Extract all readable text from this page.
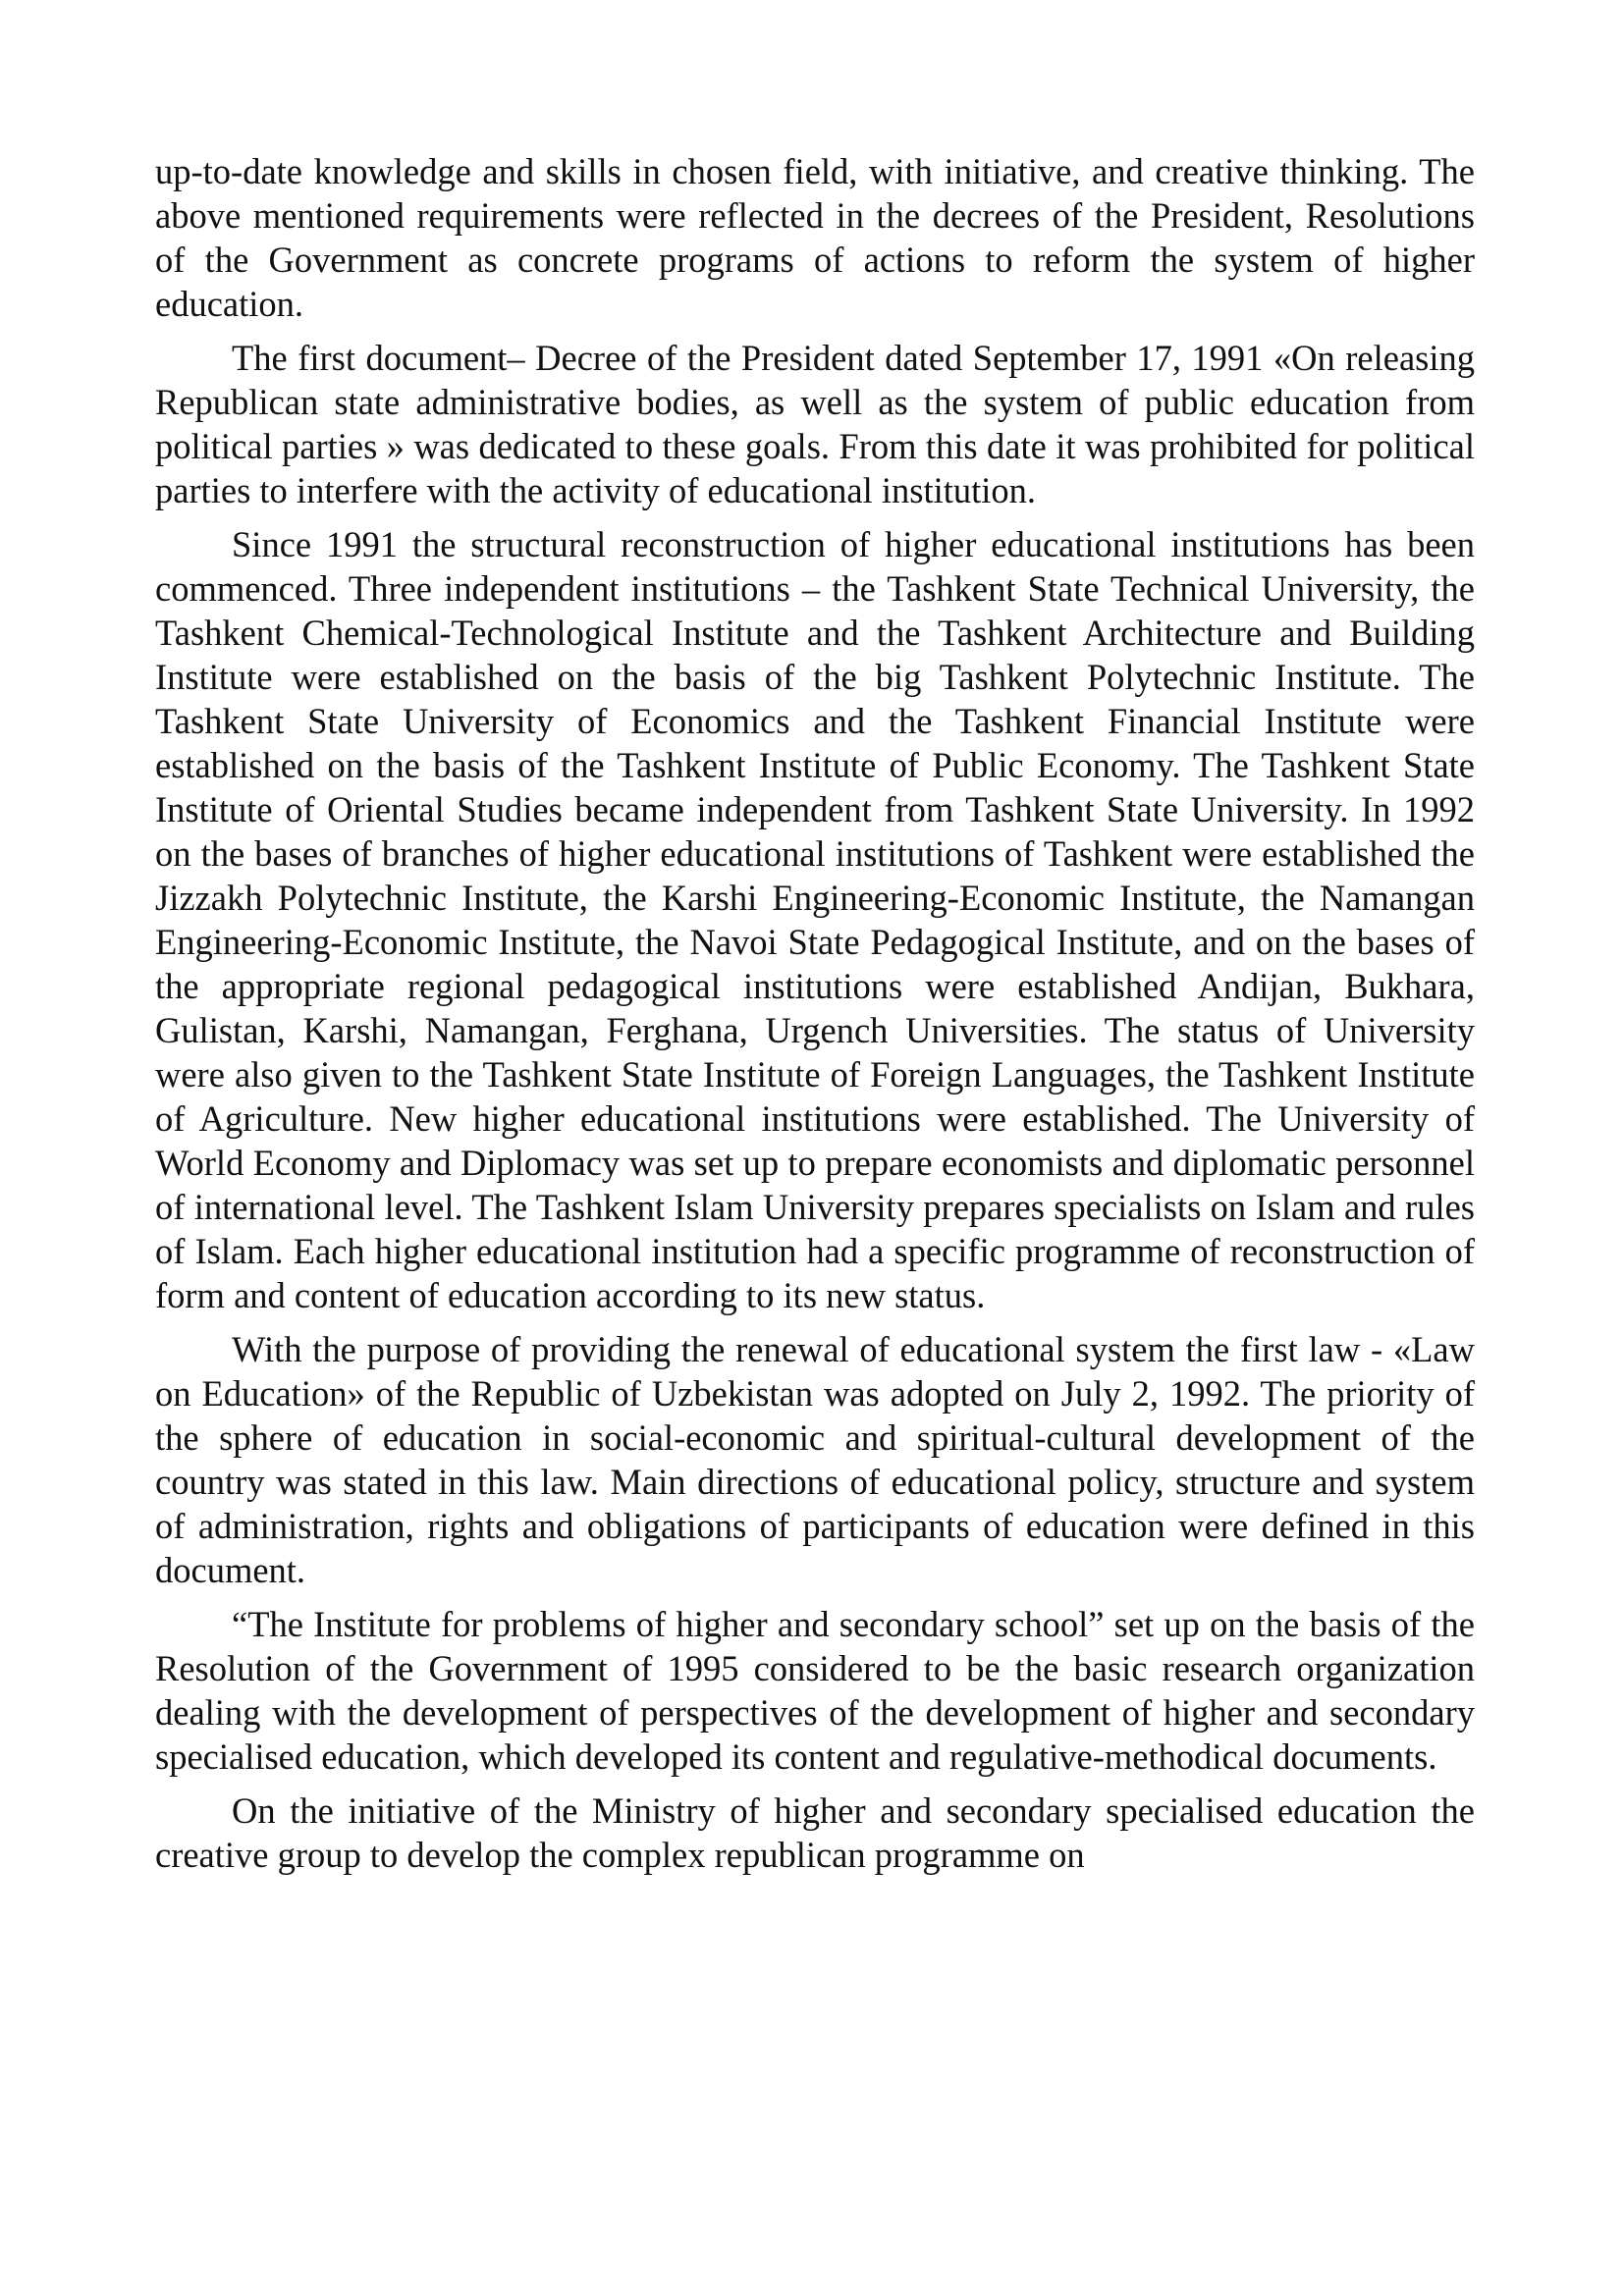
up-to-date knowledge and skills in chosen field, with initiative, and creative thinking. The above mentioned requirements were reflected in the decrees of the President, Resolutions of the Government as concrete programs of actions to reform the system of higher education.

The first document– Decree of the President dated September 17, 1991 «On releasing Republican state administrative bodies, as well as the system of public education from political parties » was dedicated to these goals. From this date it was prohibited for political parties to interfere with the activity of educational institution.

Since 1991 the structural reconstruction of higher educational institutions has been commenced. Three independent institutions – the Tashkent State Technical University, the Tashkent Chemical-Technological Institute and the Tashkent Architecture and Building Institute were established on the basis of the big Tashkent Polytechnic Institute. The Tashkent State University of Economics and the Tashkent Financial Institute were established on the basis of the Tashkent Institute of Public Economy. The Tashkent State Institute of Oriental Studies became independent from Tashkent State University. In 1992 on the bases of branches of higher educational institutions of Tashkent were established the Jizzakh Polytechnic Institute, the Karshi Engineering-Economic Institute, the Namangan Engineering-Economic Institute, the Navoi State Pedagogical Institute, and on the bases of the appropriate regional pedagogical institutions were established Andijan, Bukhara, Gulistan, Karshi, Namangan, Ferghana, Urgench Universities. The status of University were also given to the Tashkent State Institute of Foreign Languages, the Tashkent Institute of Agriculture. New higher educational institutions were established. The University of World Economy and Diplomacy was set up to prepare economists and diplomatic personnel of international level. The Tashkent Islam University prepares specialists on Islam and rules of Islam. Each higher educational institution had a specific programme of reconstruction of form and content of education according to its new status.

With the purpose of providing the renewal of educational system the first law - «Law on Education» of the Republic of Uzbekistan was adopted on July 2, 1992. The priority of the sphere of education in social-economic and spiritual-cultural development of the country was stated in this law. Main directions of educational policy, structure and system of administration, rights and obligations of participants of education were defined in this document.

“The Institute for problems of higher and secondary school” set up on the basis of the Resolution of the Government of 1995 considered to be the basic research organization dealing with the development of perspectives of the development of higher and secondary specialised education, which developed its content and regulative-methodical documents.

On the initiative of the Ministry of higher and secondary specialised education the creative group to develop the complex republican programme on
